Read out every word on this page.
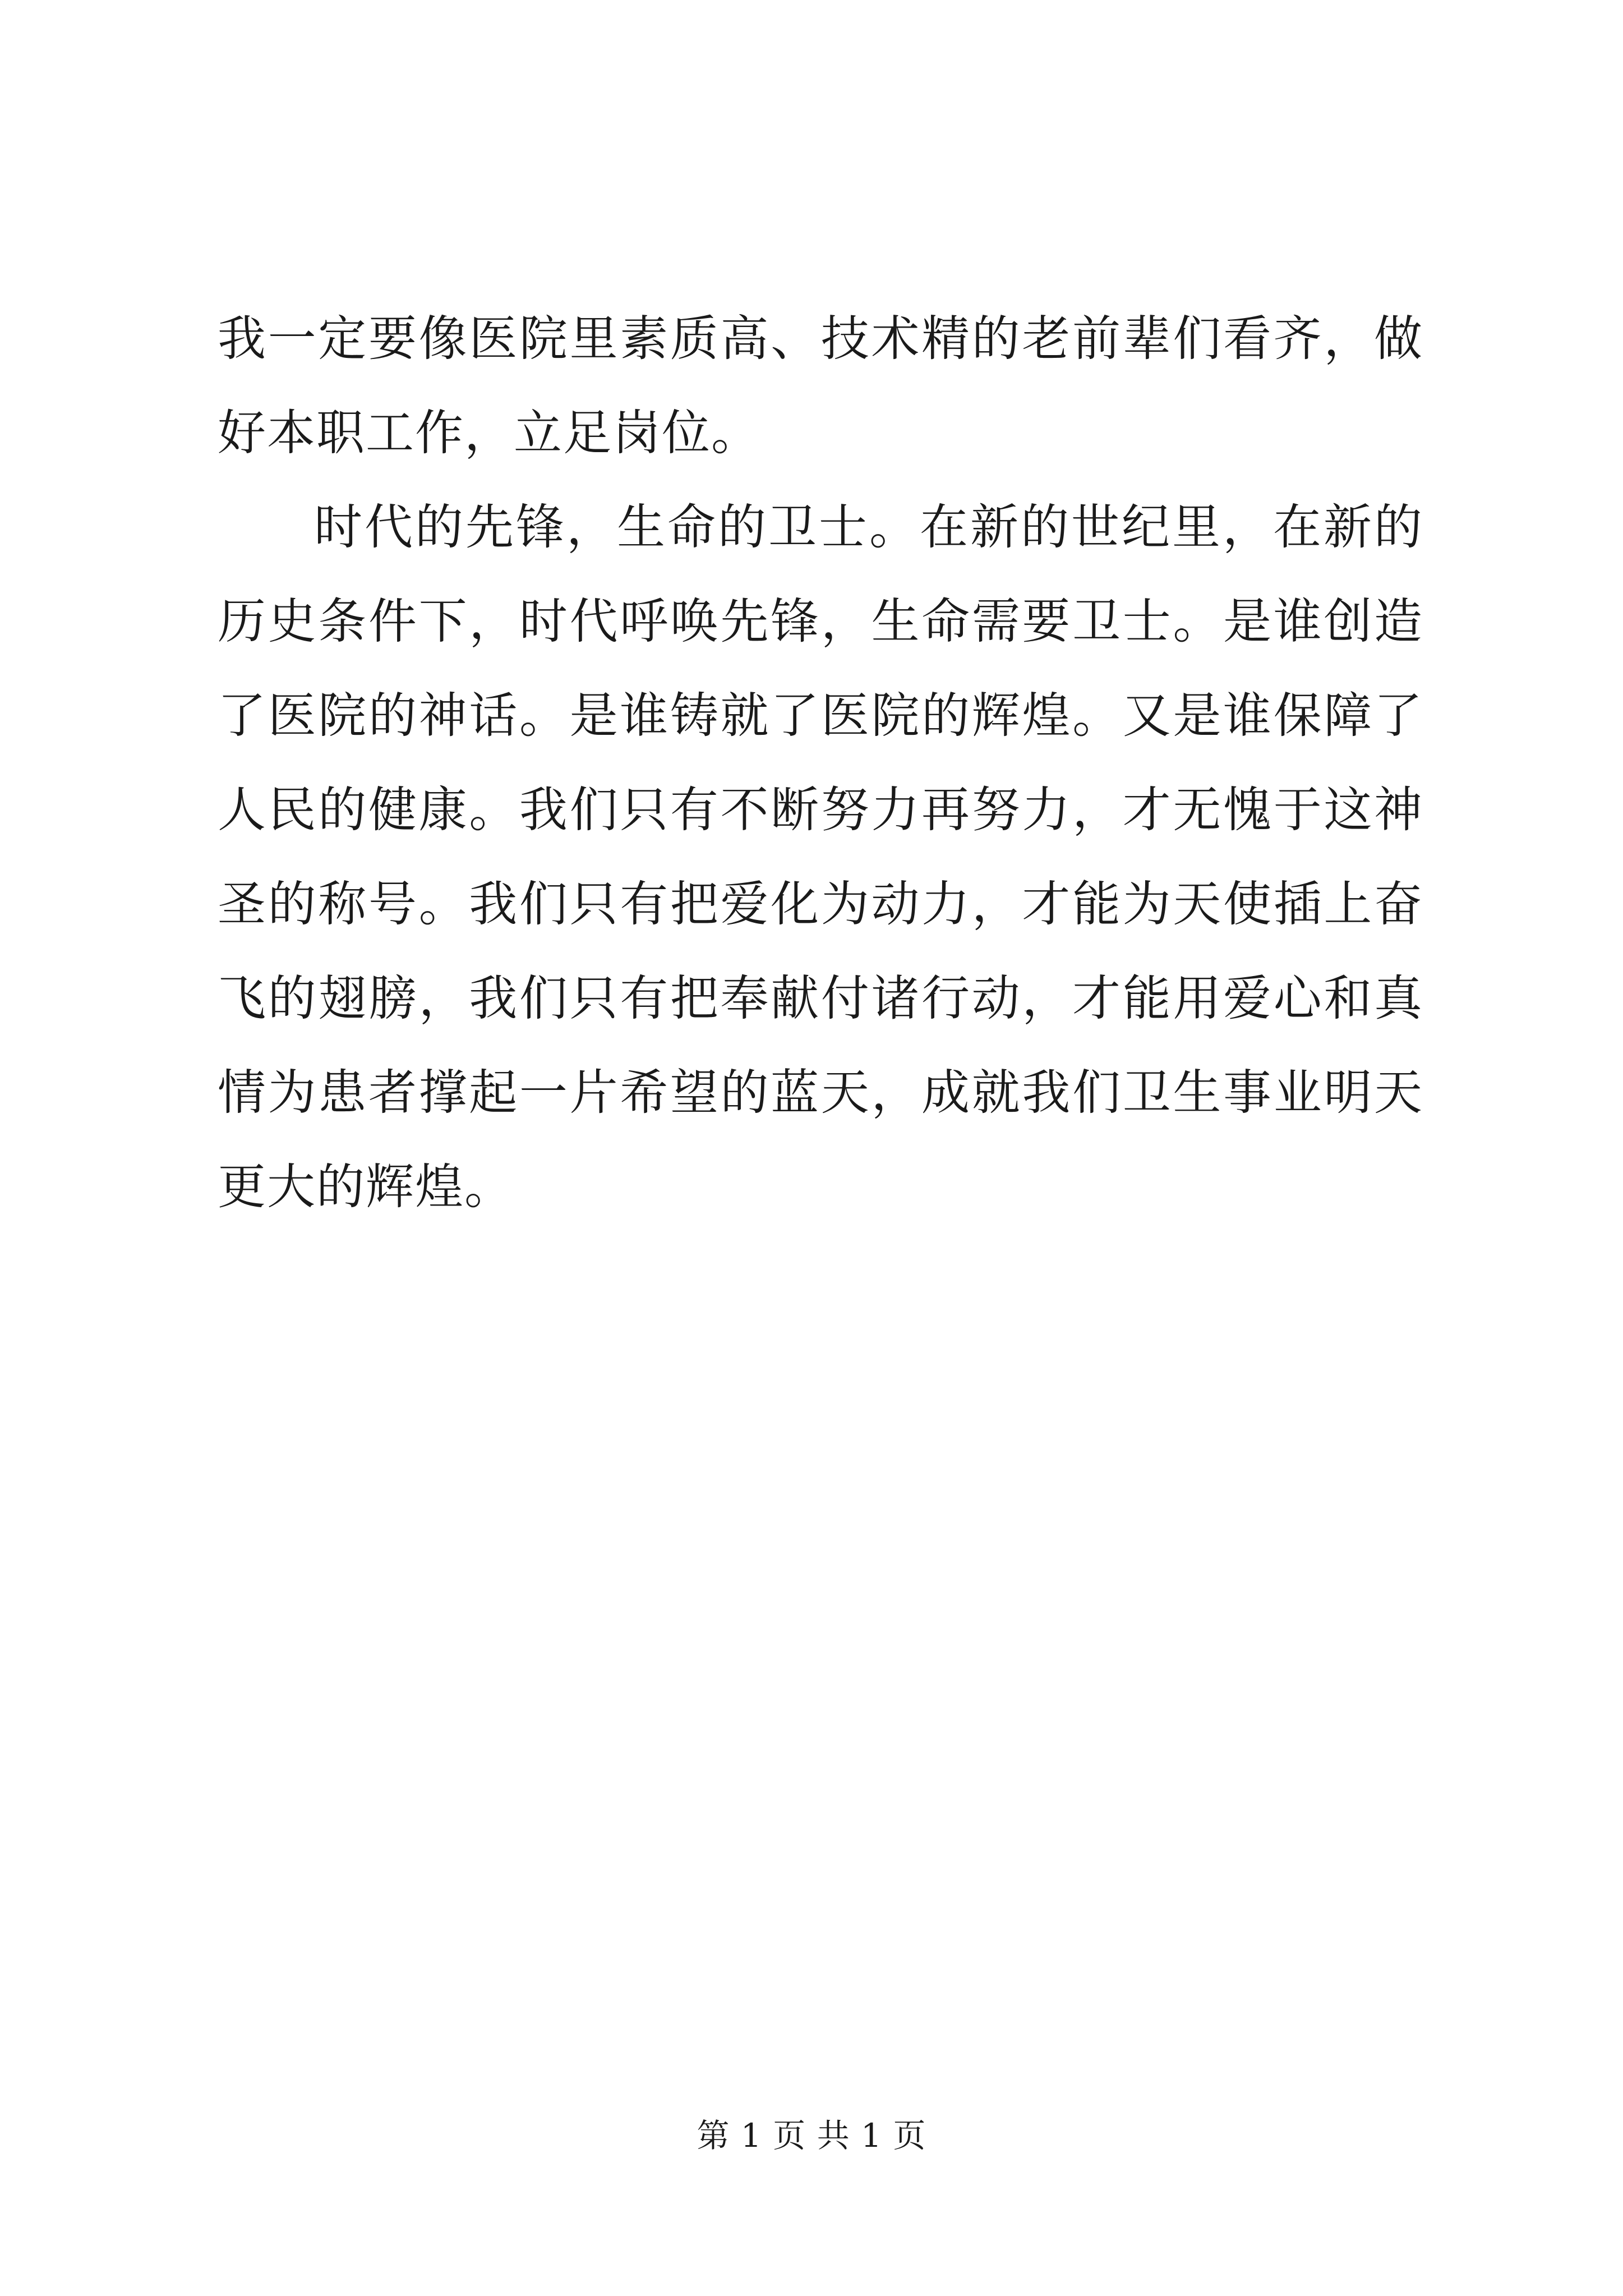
我一定要像医院里素质高、技术精的老前辈们看齐，做好本职工作，立足岗位。

时代的先锋，生命的卫士。在新的世纪里，在新的历史条件下，时代呼唤先锋，生命需要卫士。是谁创造了医院的神话。是谁铸就了医院的辉煌。又是谁保障了人民的健康。我们只有不断努力再努力，才无愧于这神圣的称号。我们只有把爱化为动力，才能为天使插上奋飞的翅膀，我们只有把奉献付诸行动，才能用爱心和真情为患者撑起一片希望的蓝天，成就我们卫生事业明天更大的辉煌。

第 1 页 共 1 页
